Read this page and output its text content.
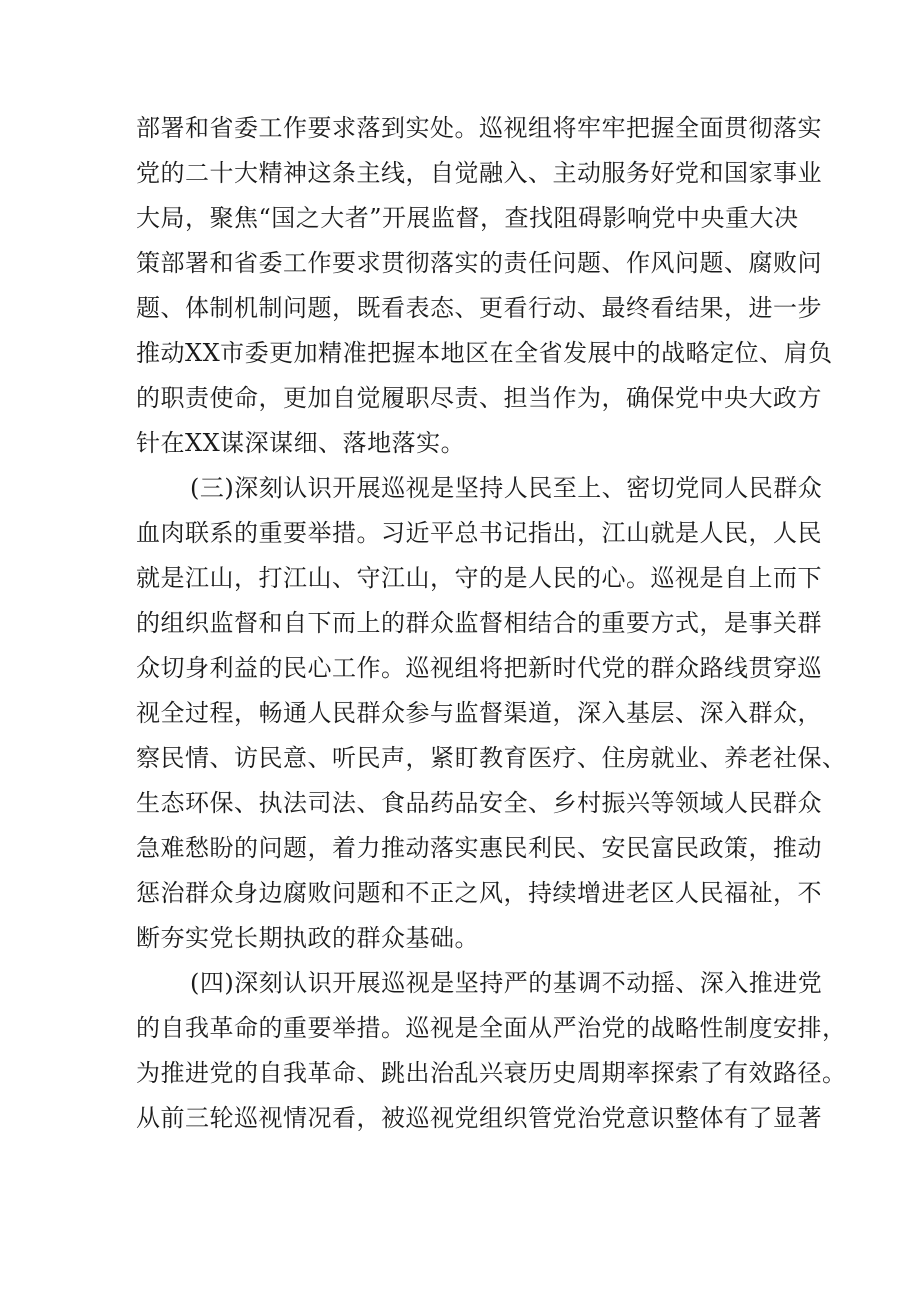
部署和省委工作要求落到实处。巡视组将牢牢把握全面贯彻落实
党的二十大精神这条主线，自觉融入、主动服务好党和国家事业
大局，聚焦“国之大者”开展监督，查找阻碍影响党中央重大决
策部署和省委工作要求贯彻落实的责任问题、作风问题、腐败问
题、体制机制问题，既看表态、更看行动、最终看结果，进一步
推动XX市委更加精准把握本地区在全省发展中的战略定位、肩负
的职责使命，更加自觉履职尽责、担当作为，确保党中央大政方
针在XX谋深谋细、落地落实。
(三)深刻认识开展巡视是坚持人民至上、密切党同人民群众
血肉联系的重要举措。习近平总书记指出，江山就是人民，人民
就是江山，打江山、守江山，守的是人民的心。巡视是自上而下
的组织监督和自下而上的群众监督相结合的重要方式，是事关群
众切身利益的民心工作。巡视组将把新时代党的群众路线贯穿巡
视全过程，畅通人民群众参与监督渠道，深入基层、深入群众，
察民情、访民意、听民声，紧盯教育医疗、住房就业、养老社保、
生态环保、执法司法、食品药品安全、乡村振兴等领域人民群众
急难愁盼的问题，着力推动落实惠民利民、安民富民政策，推动
惩治群众身边腐败问题和不正之风，持续增进老区人民福祉，不
断夯实党长期执政的群众基础。
(四)深刻认识开展巡视是坚持严的基调不动摇、深入推进党
的自我革命的重要举措。巡视是全面从严治党的战略性制度安排，
为推进党的自我革命、跳出治乱兴衰历史周期率探索了有效路径。
从前三轮巡视情况看，被巡视党组织管党治党意识整体有了显著
